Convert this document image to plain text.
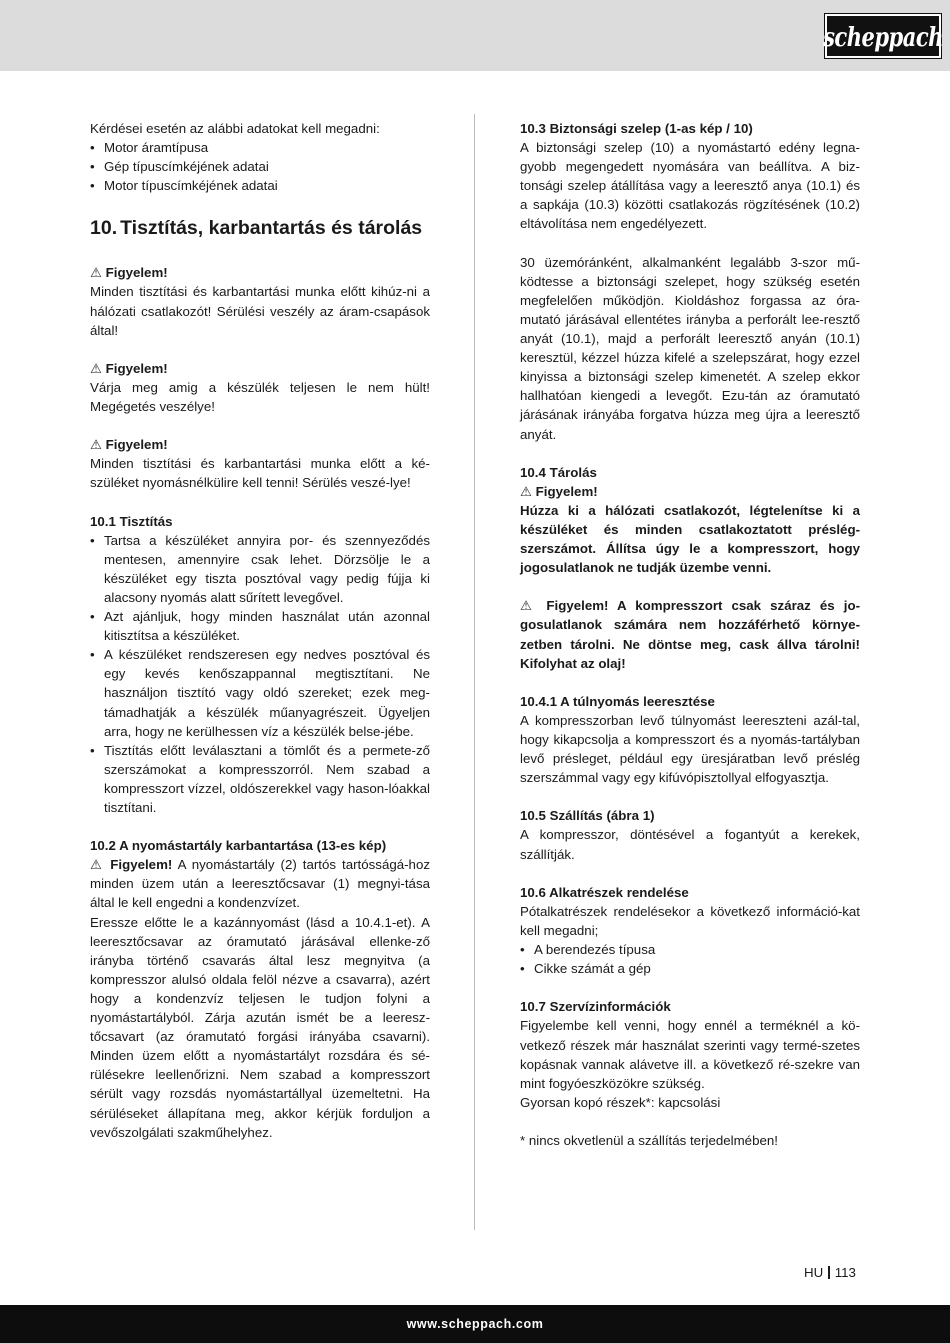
scheppach

Kérdései esetén az alábbi adatokat kell megadni:

• Motor áramtípusa
• Gép típuscímkéjének adatai
• Motor típuscímkéjének adatai
10. Tisztítás, karbantartás és tárolás

⚠ Figyelem!

Minden tisztítási és karbantartási munka előtt kihúz-ni a hálózati csatlakozót! Sérülési veszély az áram-csapások által!

⚠ Figyelem!

Várja meg amig a készülék teljesen le nem hült! Megégetés veszélye!

⚠ Figyelem!

Minden tisztítási és karbantartási munka előtt a ké-szüléket nyomásnélkülire kell tenni! Sérülés veszé-lye!

10.1 Tisztítás

• Tartsa a készüléket annyira por- és szennyeződés mentesen, amennyire csak lehet. Dörzsölje le a készüléket egy tiszta posztóval vagy pedig fújja ki alacsony nyomás alatt sűrített levegővel.
• Azt ajánljuk, hogy minden használat után azonnal kitisztítsa a készüléket.
• A készüléket rendszeresen egy nedves posztóval és egy kevés kenőszappannal megtisztítani. Ne használjon tisztító vagy oldó szereket; ezek meg-támadhatják a készülék műanyagrészeit. Ügyeljen arra, hogy ne kerülhessen víz a készülék belse-jébe.
• Tisztítás előtt leválasztani a tömlőt és a permete-ző szerszámokat a kompresszorról. Nem szabad a kompresszort vízzel, oldószerekkel vagy hason-lóakkal tisztítani.

10.2 A nyomástartály karbantartása (13-es kép)

⚠ Figyelem! A nyomástartály (2) tartós tartósságá-hoz minden üzem után a leeresztőcsavar (1) megnyi-tása által le kell engedni a kondenzvízet.

Eressze előtte le a kazánnyomást (lásd a 10.4.1-et). A leeresztőcsavar az óramutató járásával ellenke-ző irányba történő csavarás által lesz megnyitva (a kompresszor alulsó oldala felöl nézve a csavarra), azért hogy a kondenzvíz teljesen le tudjon folyni a nyomástartályból. Zárja azután ismét be a leeresz-tőcsavart (az óramutató forgási irányába csavarni). Minden üzem előtt a nyomástartályt rozsdára és sé-rülésekre leellenőrizni. Nem szabad a kompresszort sérült vagy rozsdás nyomástartállyal üzemeltetni. Ha sérüléseket állapítana meg, akkor kérjük forduljon a vevőszolgálati szakműhelyhez.

10.3 Biztonsági szelep (1-as kép / 10)

A biztonsági szelep (10) a nyomástartó edény legna-gyobb megengedett nyomására van beállítva. A biz-tonsági szelep átállítása vagy a leeresztő anya (10.1) és a sapkája (10.3) közötti csatlakozás rögzítésének (10.2) eltávolítása nem engedélyezett.

30 üzemóránként, alkalmanként legalább 3-szor mű-ködtesse a biztonsági szelepet, hogy szükség esetén megfelelően működjön. Kioldáshoz forgassa az óra-mutató járásával ellentétes irányba a perforált lee-resztő anyát (10.1), majd a perforált leeresztő anyán (10.1) keresztül, kézzel húzza kifelé a szelepszárat, hogy ezzel kinyissa a biztonsági szelep kimenetét. A szelep ekkor hallhatóan kiengedi a levegőt. Ezu-tán az óramutató járásának irányába forgatva húzza meg újra a leeresztő anyát.

10.4 Tárolás

⚠ Figyelem!

Húzza ki a hálózati csatlakozót, légtelenítse ki a készüléket és minden csatlakoztatott préslég-szerszámot. Állítsa úgy le a kompresszort, hogy jogosulatlanok ne tudják üzembe venni.

⚠ Figyelem! A kompresszort csak száraz és jo-gosulatlanok számára nem hozzáférhető környe-zetben tárolni. Ne döntse meg, cask állva tárolni! Kifolyhat az olaj!

10.4.1 A túlnyomás leeresztése

A kompresszorban levő túlnyomást leereszteni azál-tal, hogy kikapcsolja a kompresszort és a nyomás-tartályban levő présleget, például egy üresjáratban levő préslég szerszámmal vagy egy kifúvópisztollyal elfogyasztja.

10.5 Szállítás (ábra 1)

A kompresszor, döntésével a fogantyút a kerekek, szállítják.

10.6 Alkatrészek rendelése

Pótalkatrészek rendelésekor a következő információ-kat kell megadni;

• A berendezés típusa
• Cikke számát a gép

10.7 Szervízinformációk

Figyelembe kell venni, hogy ennél a terméknél a kö-vetkező részek már használat szerinti vagy termé-szetes kopásnak vannak alávetve ill. a következő ré-szekre van mint fogyóeszközökre szükség.

Gyorsan kopó részek*: kapcsolási

* nincs okvetlenül a szállítás terjedelmében!

HU 113
www.scheppach.com
